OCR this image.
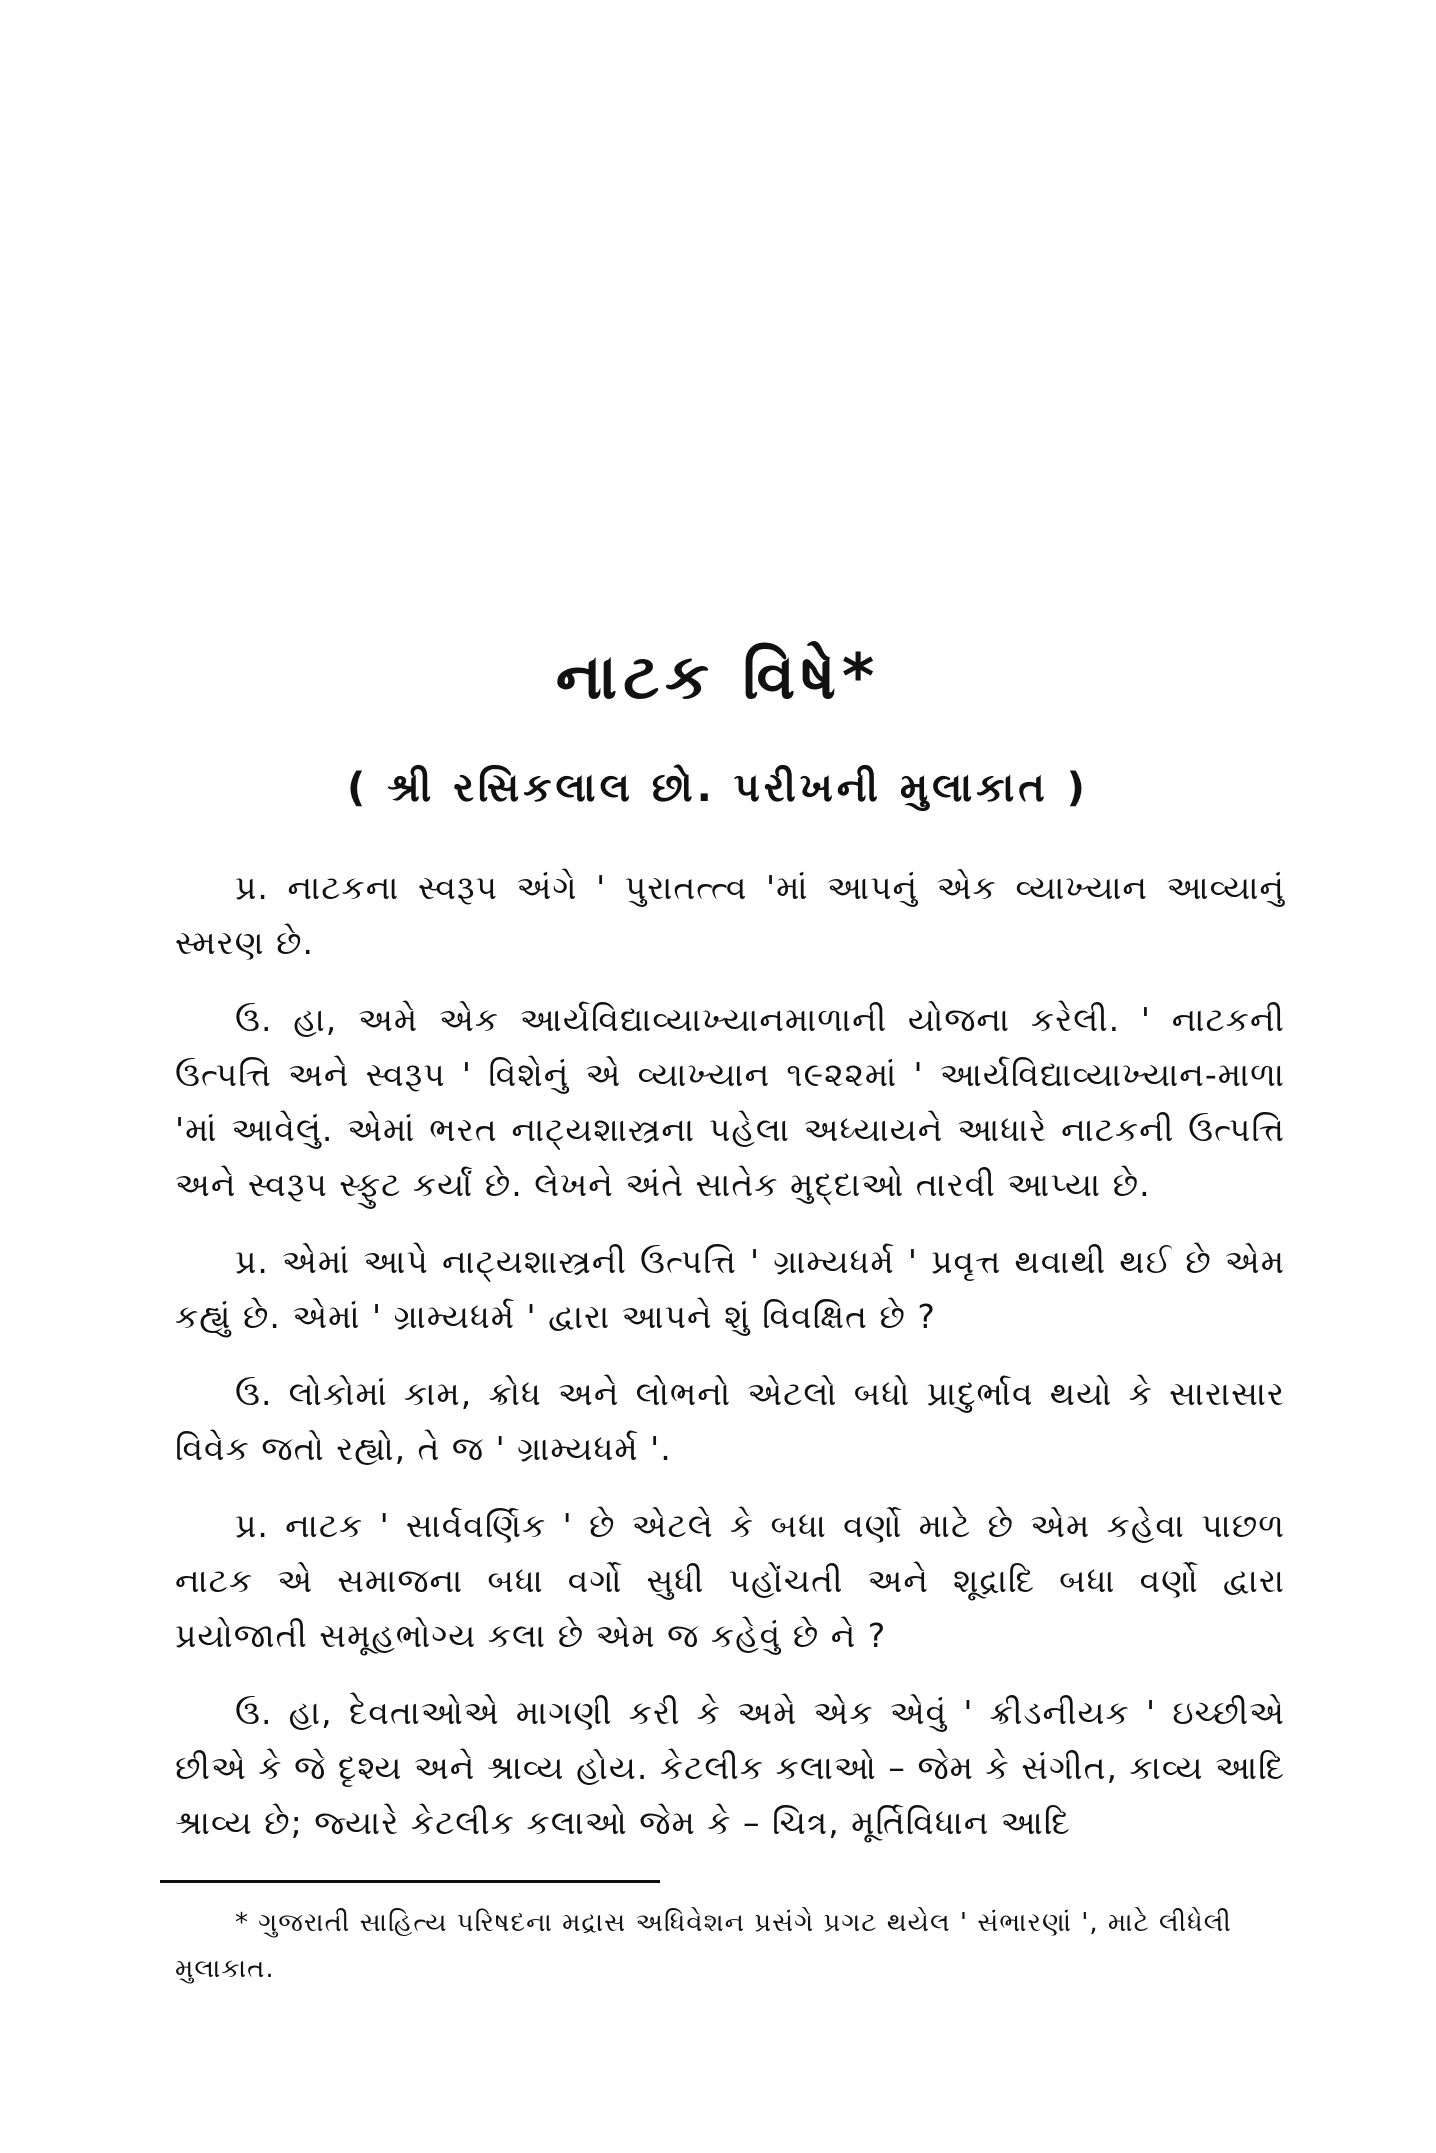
નાટક વિષે*
( શ્રી રસિકલાલ છો. પરીખની મુલાકાત )

પ્ર. નાટકના સ્વરૂપ અંગે ' પુરાતત્ત્વ 'માં આપનું એક વ્યાખ્યાન આવ્યાનું સ્મરણ છે.

ઉ. હા, અમે એક આર્યવિદ્યાવ્યાખ્યાનમાળાની યોજના કરેલી. ' નાટકની ઉત્પત્તિ અને સ્વરૂપ ' વિશેનું એ વ્યાખ્યાન ૧૯૨૨માં ' આર્યવિદ્યાવ્યાખ્યાન-માળા 'માં આવેલું. એમાં ભરત નાટ્યશાસ્ત્રના પહેલા અધ્યાયને આધારે નાટકની ઉત્પત્તિ અને સ્વરૂપ સ્ફુટ કર્યાં છે. લેખને અંતે સાતેક મુદ્દાઓ તારવી આપ્યા છે.

પ્ર. એમાં આપે નાટ્યશાસ્ત્રની ઉત્પત્તિ ' ગ્રામ્યધર્મ ' પ્રવૃત્ત થવાથી થઈ છે એમ કહ્યું છે. એમાં ' ગ્રામ્યધર્મ ' દ્વારા આપને શું વિવક્ષિત છે ?

ઉ. લોકોમાં કામ, ક્રોધ અને લોભનો એટલો બધો પ્રાદુર્ભાવ થયો કે સારાસાર વિવેક જતો રહ્યો, તે જ ' ગ્રામ્યધર્મ '.

પ્ર. નાટક ' સાર્વવર્ણિક ' છે એટલે કે બધા વર્ણો માટે છે એમ કહેવા પાછળ નાટક એ સમાજના બધા વર્ગો સુધી પહોંચતી અને શૂદ્રાદિ બધા વર્ણો દ્વારા પ્રયોજાતી સમૂહભોગ્ય કલા છે એમ જ કહેવું છે ને ?

ઉ. હા, દેવતાઓએ માગણી કરી કે અમે એક એવું ' ક્રીડનીયક ' ઇચ્છીએ છીએ કે જે દૃશ્ય અને શ્રાવ્ય હોય. કેટલીક કલાઓ – જેમ કે સંગીત, કાવ્ય આદિ શ્રાવ્ય છે; જ્યારે કેટલીક કલાઓ જેમ કે – ચિત્ર, મૂર્તિવિધાન આદિ

* ગુજરાતી સાહિત્ય પરિષદના મદ્રાસ અધિવેશન પ્રસંગે પ્રગટ થયેલ ' સંભારણાં ', માટે લીધેલી મુલાકાત.
